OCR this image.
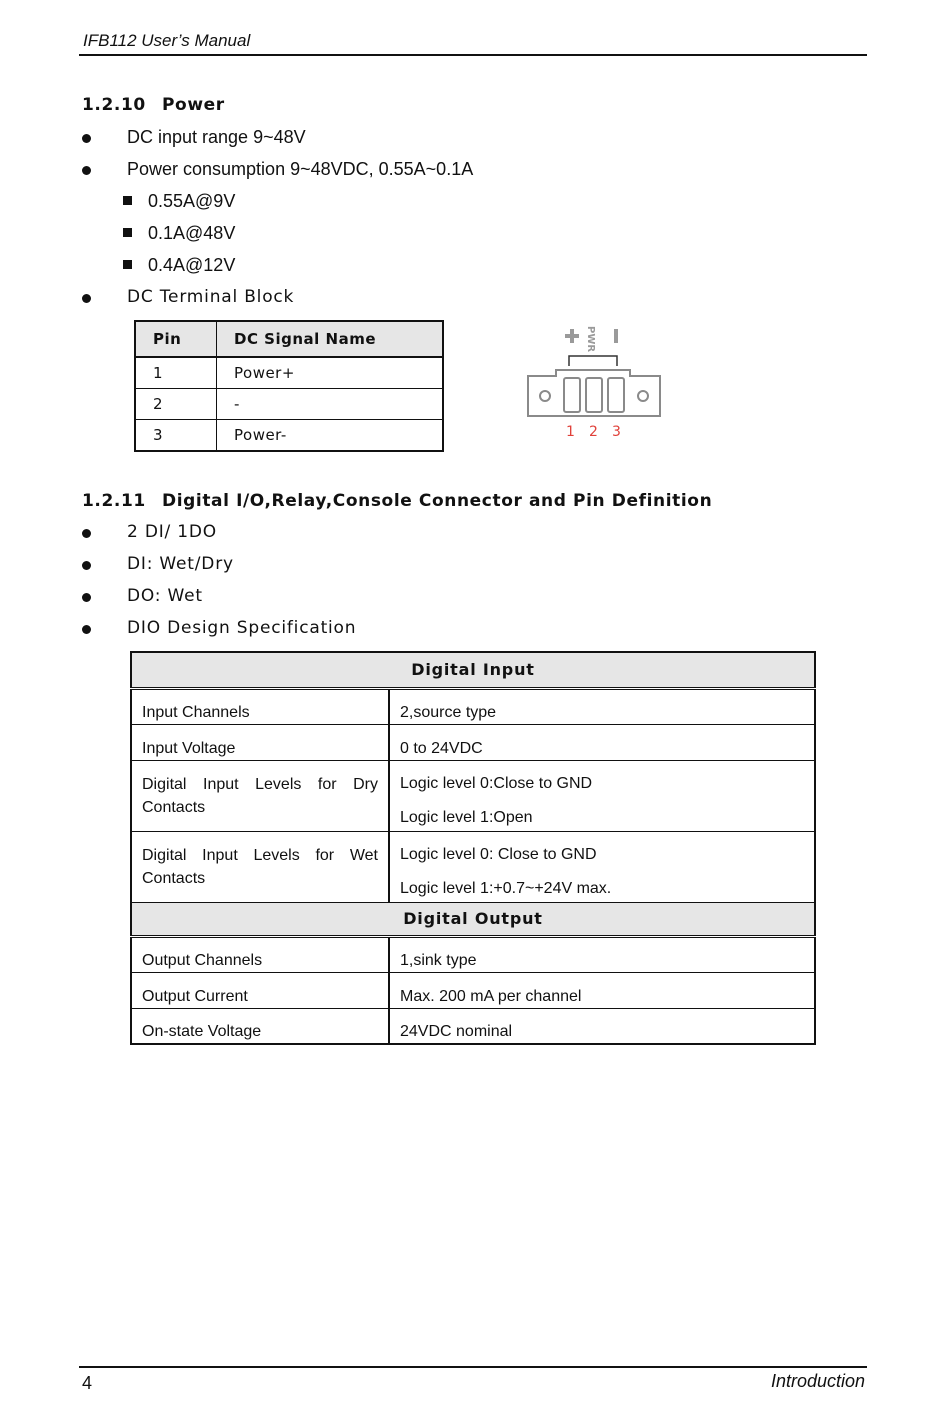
IFB112 User’s Manual
1.2.10 Power
DC input range 9~48V
Power consumption 9~48VDC, 0.55A~0.1A
0.55A@9V
0.1A@48V
0.4A@12V
DC Terminal Block
Pin	DC Signal Name
1	Power+
2	-
3	Power-
PWR
1 2 3
1.2.11 Digital I/O,Relay,Console Connector and Pin Definition
2 DI/ 1DO
DI: Wet/Dry
DO: Wet
DIO Design Specification
Digital Input	
Input Channels	2,source type
Input Voltage	0 to 24VDC
Digital Input Levels for Dry Contacts	Logic level 0:Close to GND
Logic level 1:Open

Digital Input Levels for Wet Contacts	Logic level 0: Close to GND
Logic level 1:+0.7~+24V max.

Digital Output	
Output Channels	1,sink type
Output Current	Max. 200 mA per channel
On-state Voltage	24VDC nominal
4	Introduction
